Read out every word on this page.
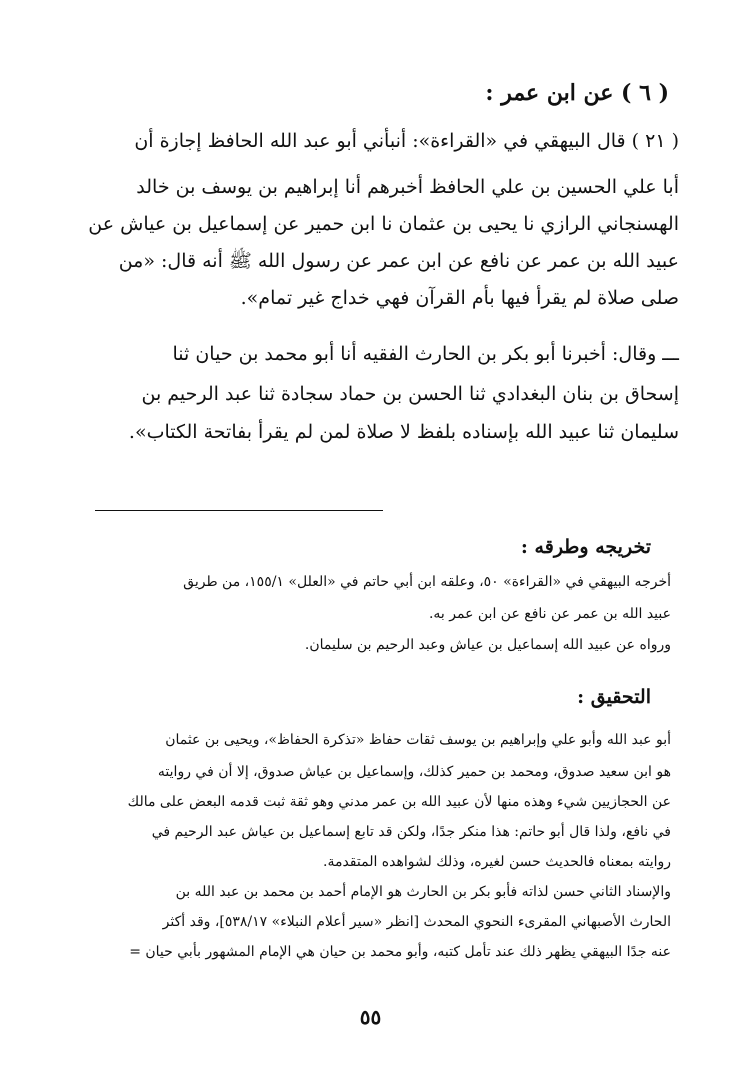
( ٦ ) عن ابن عمر :
( ٢١ ) قال البيهقي في «القراءة»: أنبأني أبو عبد الله الحافظ إجازة أن
أبا علي الحسين بن علي الحافظ أخبرهم أنا إبراهيم بن يوسف بن خالد
الهسنجاني الرازي نا يحيى بن عثمان نا ابن حمير عن إسماعيل بن عياش عن
عبيد الله بن عمر عن نافع عن ابن عمر عن رسول الله ﷺ أنه قال: «من
صلى صلاة لم يقرأ فيها بأم القرآن فهي خداج غير تمام».
ـــ وقال: أخبرنا أبو بكر بن الحارث الفقيه أنا أبو محمد بن حيان ثنا
إسحاق بن بنان البغدادي ثنا الحسن بن حماد سجادة ثنا عبد الرحيم بن
سليمان ثنا عبيد الله بإسناده بلفظ لا صلاة لمن لم يقرأ بفاتحة الكتاب».
تخريجه وطرقه :
أخرجه البيهقي في «القراءة» ٥٠، وعلقه ابن أبي حاتم في «العلل» ١٥٥/١، من طريق
عبيد الله بن عمر عن نافع عن ابن عمر به.
ورواه عن عبيد الله إسماعيل بن عياش وعبد الرحيم بن سليمان.
التحقيق :
أبو عبد الله وأبو علي وإبراهيم بن يوسف ثقات حفاظ «تذكرة الحفاظ»، ويحيى بن عثمان
هو ابن سعيد صدوق، ومحمد بن حمير كذلك، وإسماعيل بن عياش صدوق، إلا أن في روايته
عن الحجازيين شيء وهذه منها لأن عبيد الله بن عمر مدني وهو ثقة ثبت قدمه البعض على مالك
في نافع، ولذا قال أبو حاتم: هذا منكر جدًا، ولكن قد تابع إسماعيل بن عياش عبد الرحيم في
روايته بمعناه فالحديث حسن لغيره، وذلك لشواهده المتقدمة.
والإسناد الثاني حسن لذاته فأبو بكر بن الحارث هو الإمام أحمد بن محمد بن عبد الله بن
الحارث الأصبهاني المقرىء النحوي المحدث [انظر «سير أعلام النبلاء» ٥٣٨/١٧]، وقد أكثر
عنه جدًا البيهقي يظهر ذلك عند تأمل كتبه، وأبو محمد بن حيان هي الإمام المشهور بأبي حيان =
٥٥
